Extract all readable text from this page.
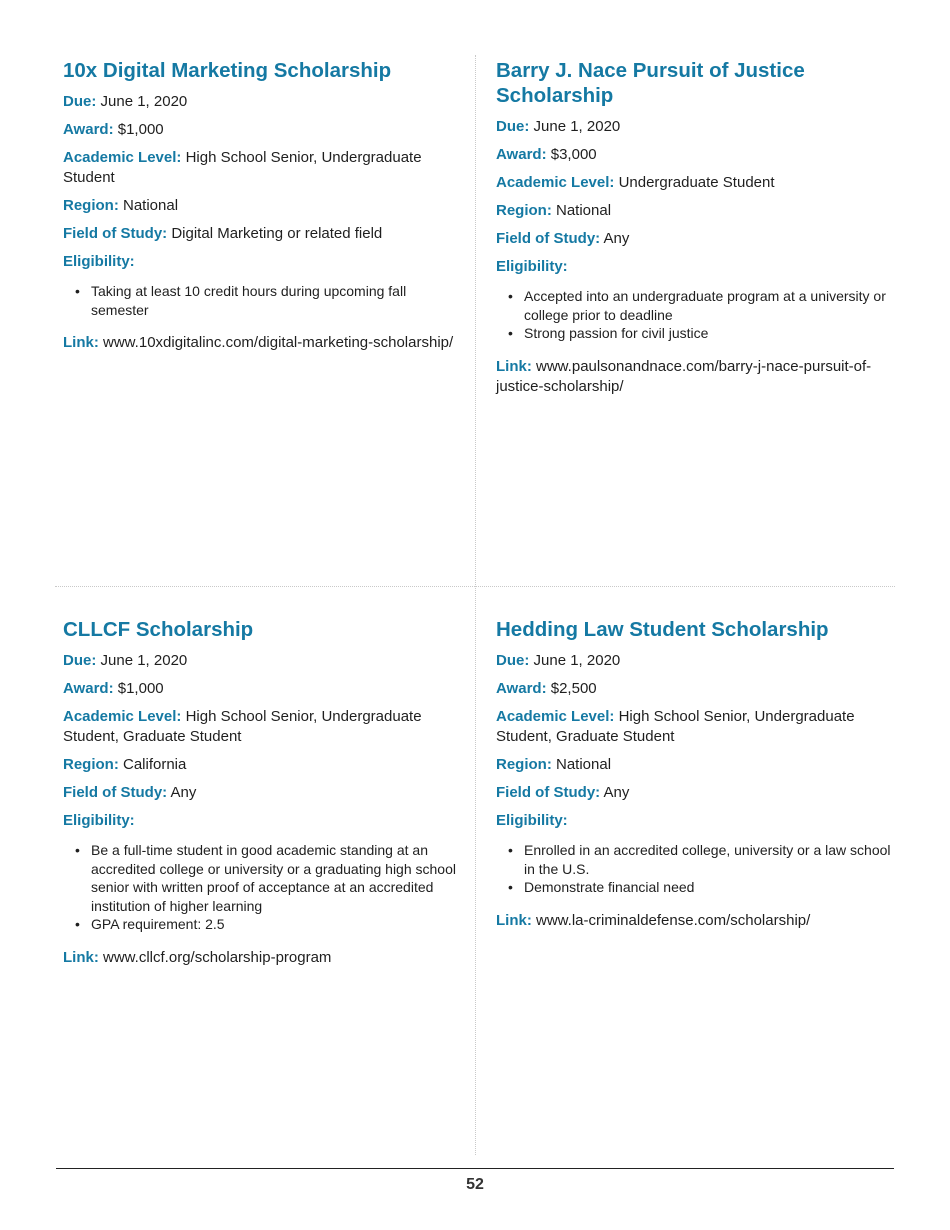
10x Digital Marketing Scholarship
Due: June 1, 2020
Award: $1,000
Academic Level: High School Senior, Undergraduate Student
Region: National
Field of Study: Digital Marketing or related field
Eligibility:
• Taking at least 10 credit hours during upcoming fall semester
Link: www.10xdigitalinc.com/digital-marketing-scholarship/
Barry J. Nace Pursuit of Justice Scholarship
Due: June 1, 2020
Award: $3,000
Academic Level: Undergraduate Student
Region: National
Field of Study: Any
Eligibility:
• Accepted into an undergraduate program at a university or college prior to deadline
• Strong passion for civil justice
Link: www.paulsonandnace.com/barry-j-nace-pursuit-of-justice-scholarship/
CLLCF Scholarship
Due: June 1, 2020
Award: $1,000
Academic Level: High School Senior, Undergraduate Student, Graduate Student
Region: California
Field of Study: Any
Eligibility:
• Be a full-time student in good academic standing at an accredited college or university or a graduating high school senior with written proof of acceptance at an accredited institution of higher learning
• GPA requirement: 2.5
Link: www.cllcf.org/scholarship-program
Hedding Law Student Scholarship
Due: June 1, 2020
Award: $2,500
Academic Level: High School Senior, Undergraduate Student, Graduate Student
Region: National
Field of Study: Any
Eligibility:
• Enrolled in an accredited college, university or a law school in the U.S.
• Demonstrate financial need
Link: www.la-criminaldefense.com/scholarship/
52
